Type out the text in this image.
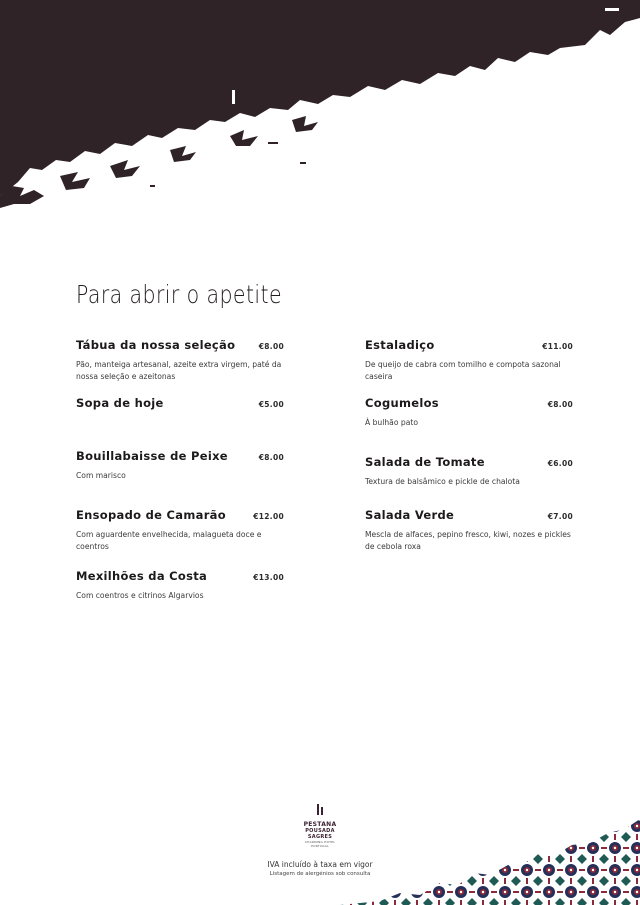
Para abrir o apetite
Tábua da nossa seleção	€8.00
Pão, manteiga artesanal, azeite extra virgem, paté da nossa seleção e azeitonas
Sopa de hoje	€5.00
Bouillabaisse de Peixe	€8.00
Com marisco
Ensopado de Camarão	€12.00
Com aguardente envelhecida, malagueta doce e coentros
Mexilhões da Costa	€13.00
Com coentros e citrinos Algarvios
Estaladiço	€11.00
De queijo de cabra com tomilho e compota sazonal caseira
Cogumelos	€8.00
À bulhão pato
Salada de Tomate	€6.00
Textura de balsâmico e pickle de chalota
Salada Verde	€7.00
Mescla de alfaces, pepino fresco, kiwi, nozes e pickles de cebola roxa
PESTANA
POUSADA
SAGRES
CHARMING HOTEL
PORTUGAL
IVA incluído à taxa em vigor
Listagem de alergénios sob consulta
